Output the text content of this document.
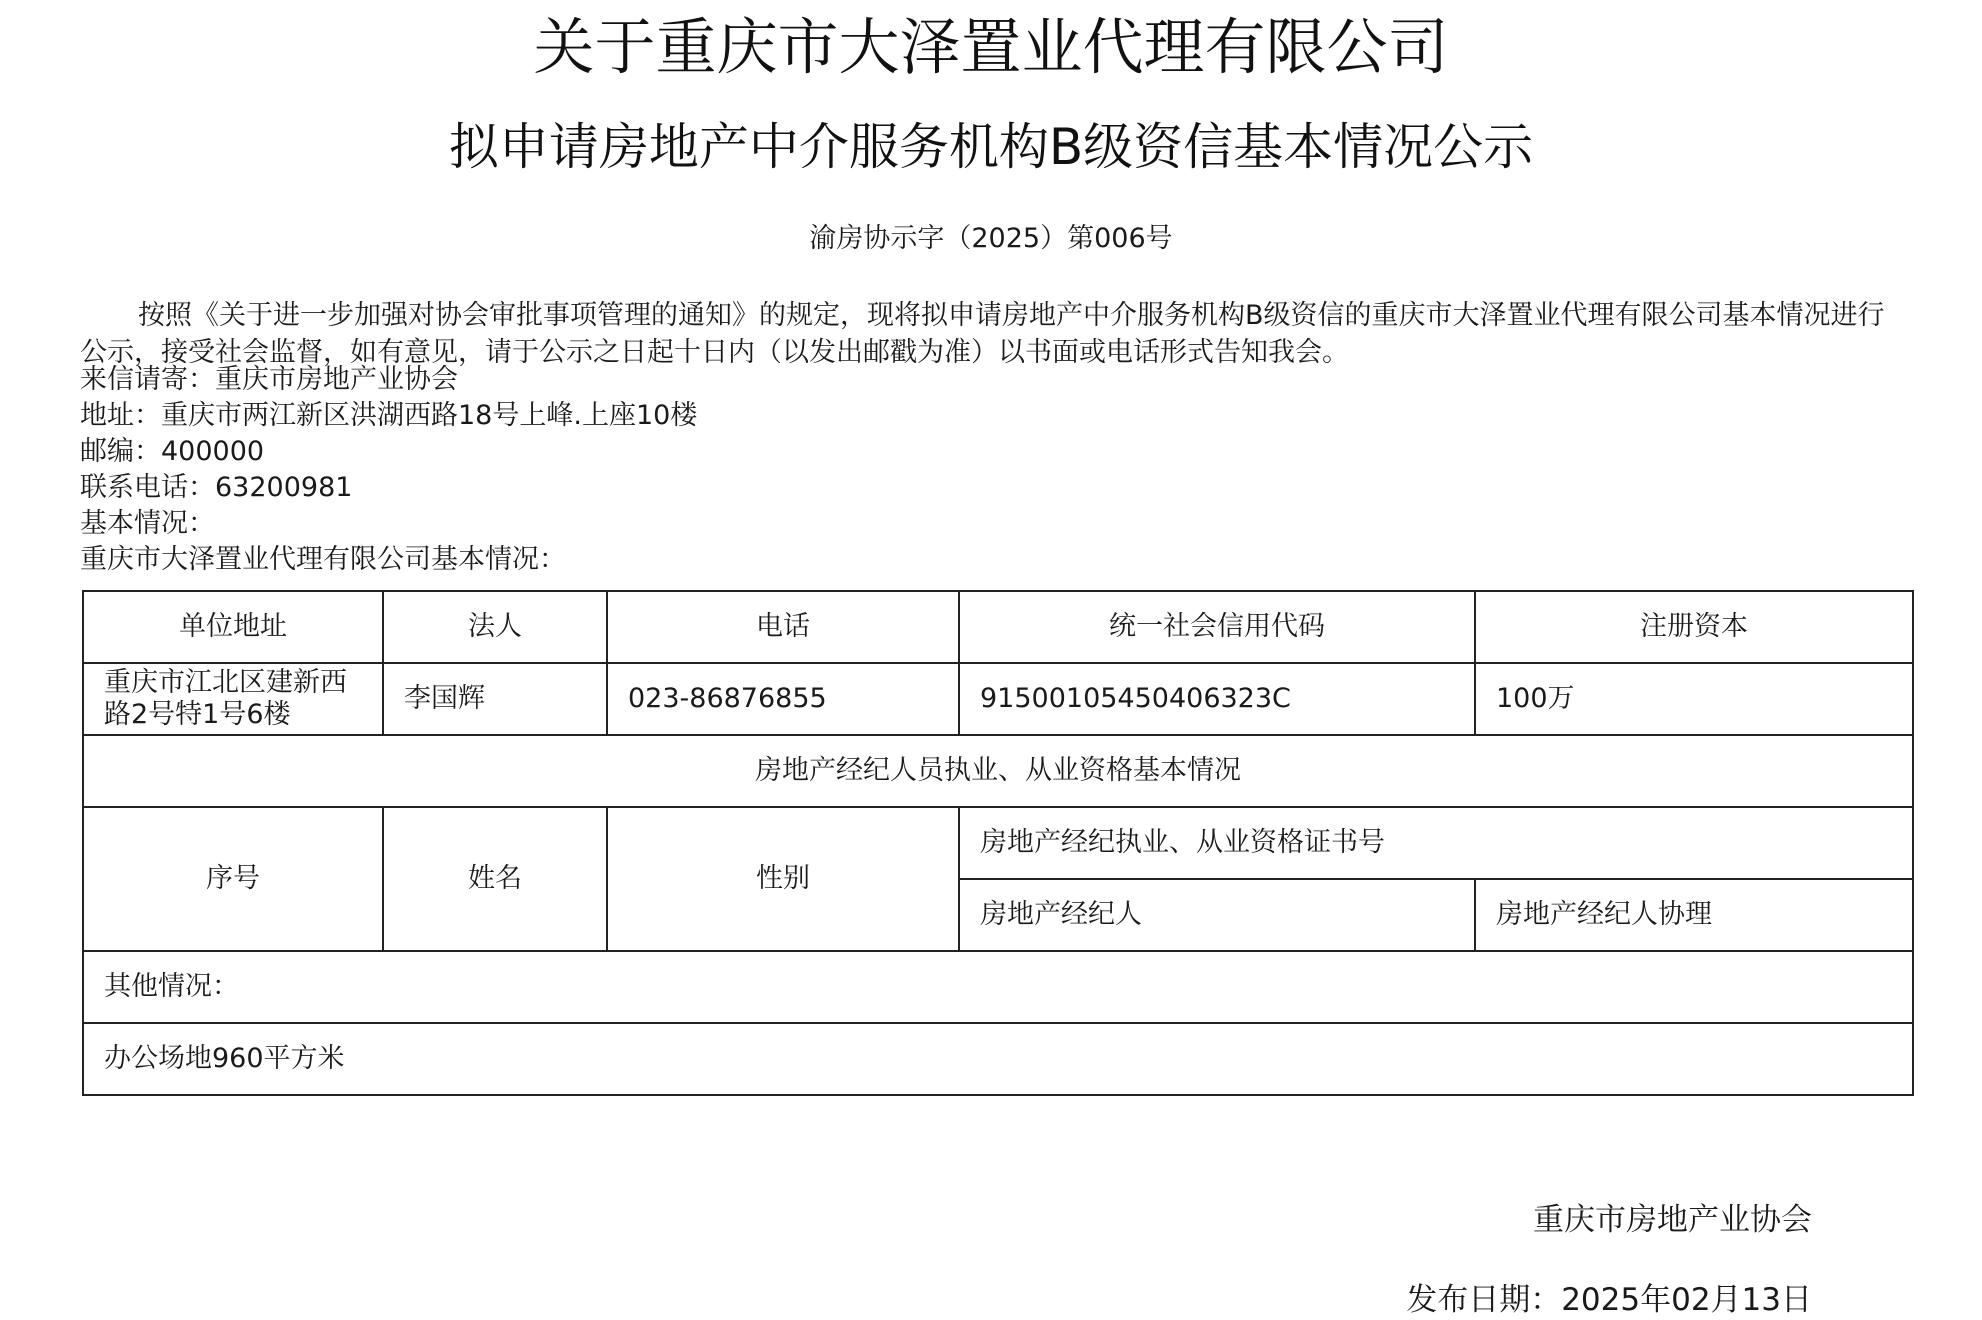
关于重庆市大泽置业代理有限公司
拟申请房地产中介服务机构B级资信基本情况公示
渝房协示字（2025）第006号

按照《关于进一步加强对协会审批事项管理的通知》的规定，现将拟申请房地产中介服务机构B级资信的重庆市大泽置业代理有限公司基本情况进行公示，接受社会监督，如有意见，请于公示之日起十日内（以发出邮戳为准）以书面或电话形式告知我会。

来信请寄：重庆市房地产业协会
地址：重庆市两江新区洪湖西路18号上峰.上座10楼
邮编：400000
联系电话：63200981
基本情况：
重庆市大泽置业代理有限公司基本情况：
单位地址	法人	电话	统一社会信用代码	注册资本
重庆市江北区建新西路2号特1号6楼	李国辉	023-86876855	91500105450406323C	100万
房地产经纪人员执业、从业资格基本情况				
序号	姓名	性别	房地产经纪执业、从业资格证书号	
			房地产经纪人	房地产经纪人协理
其他情况：				
办公场地960平方米				
重庆市房地产业协会
发布日期：2025年02月13日
